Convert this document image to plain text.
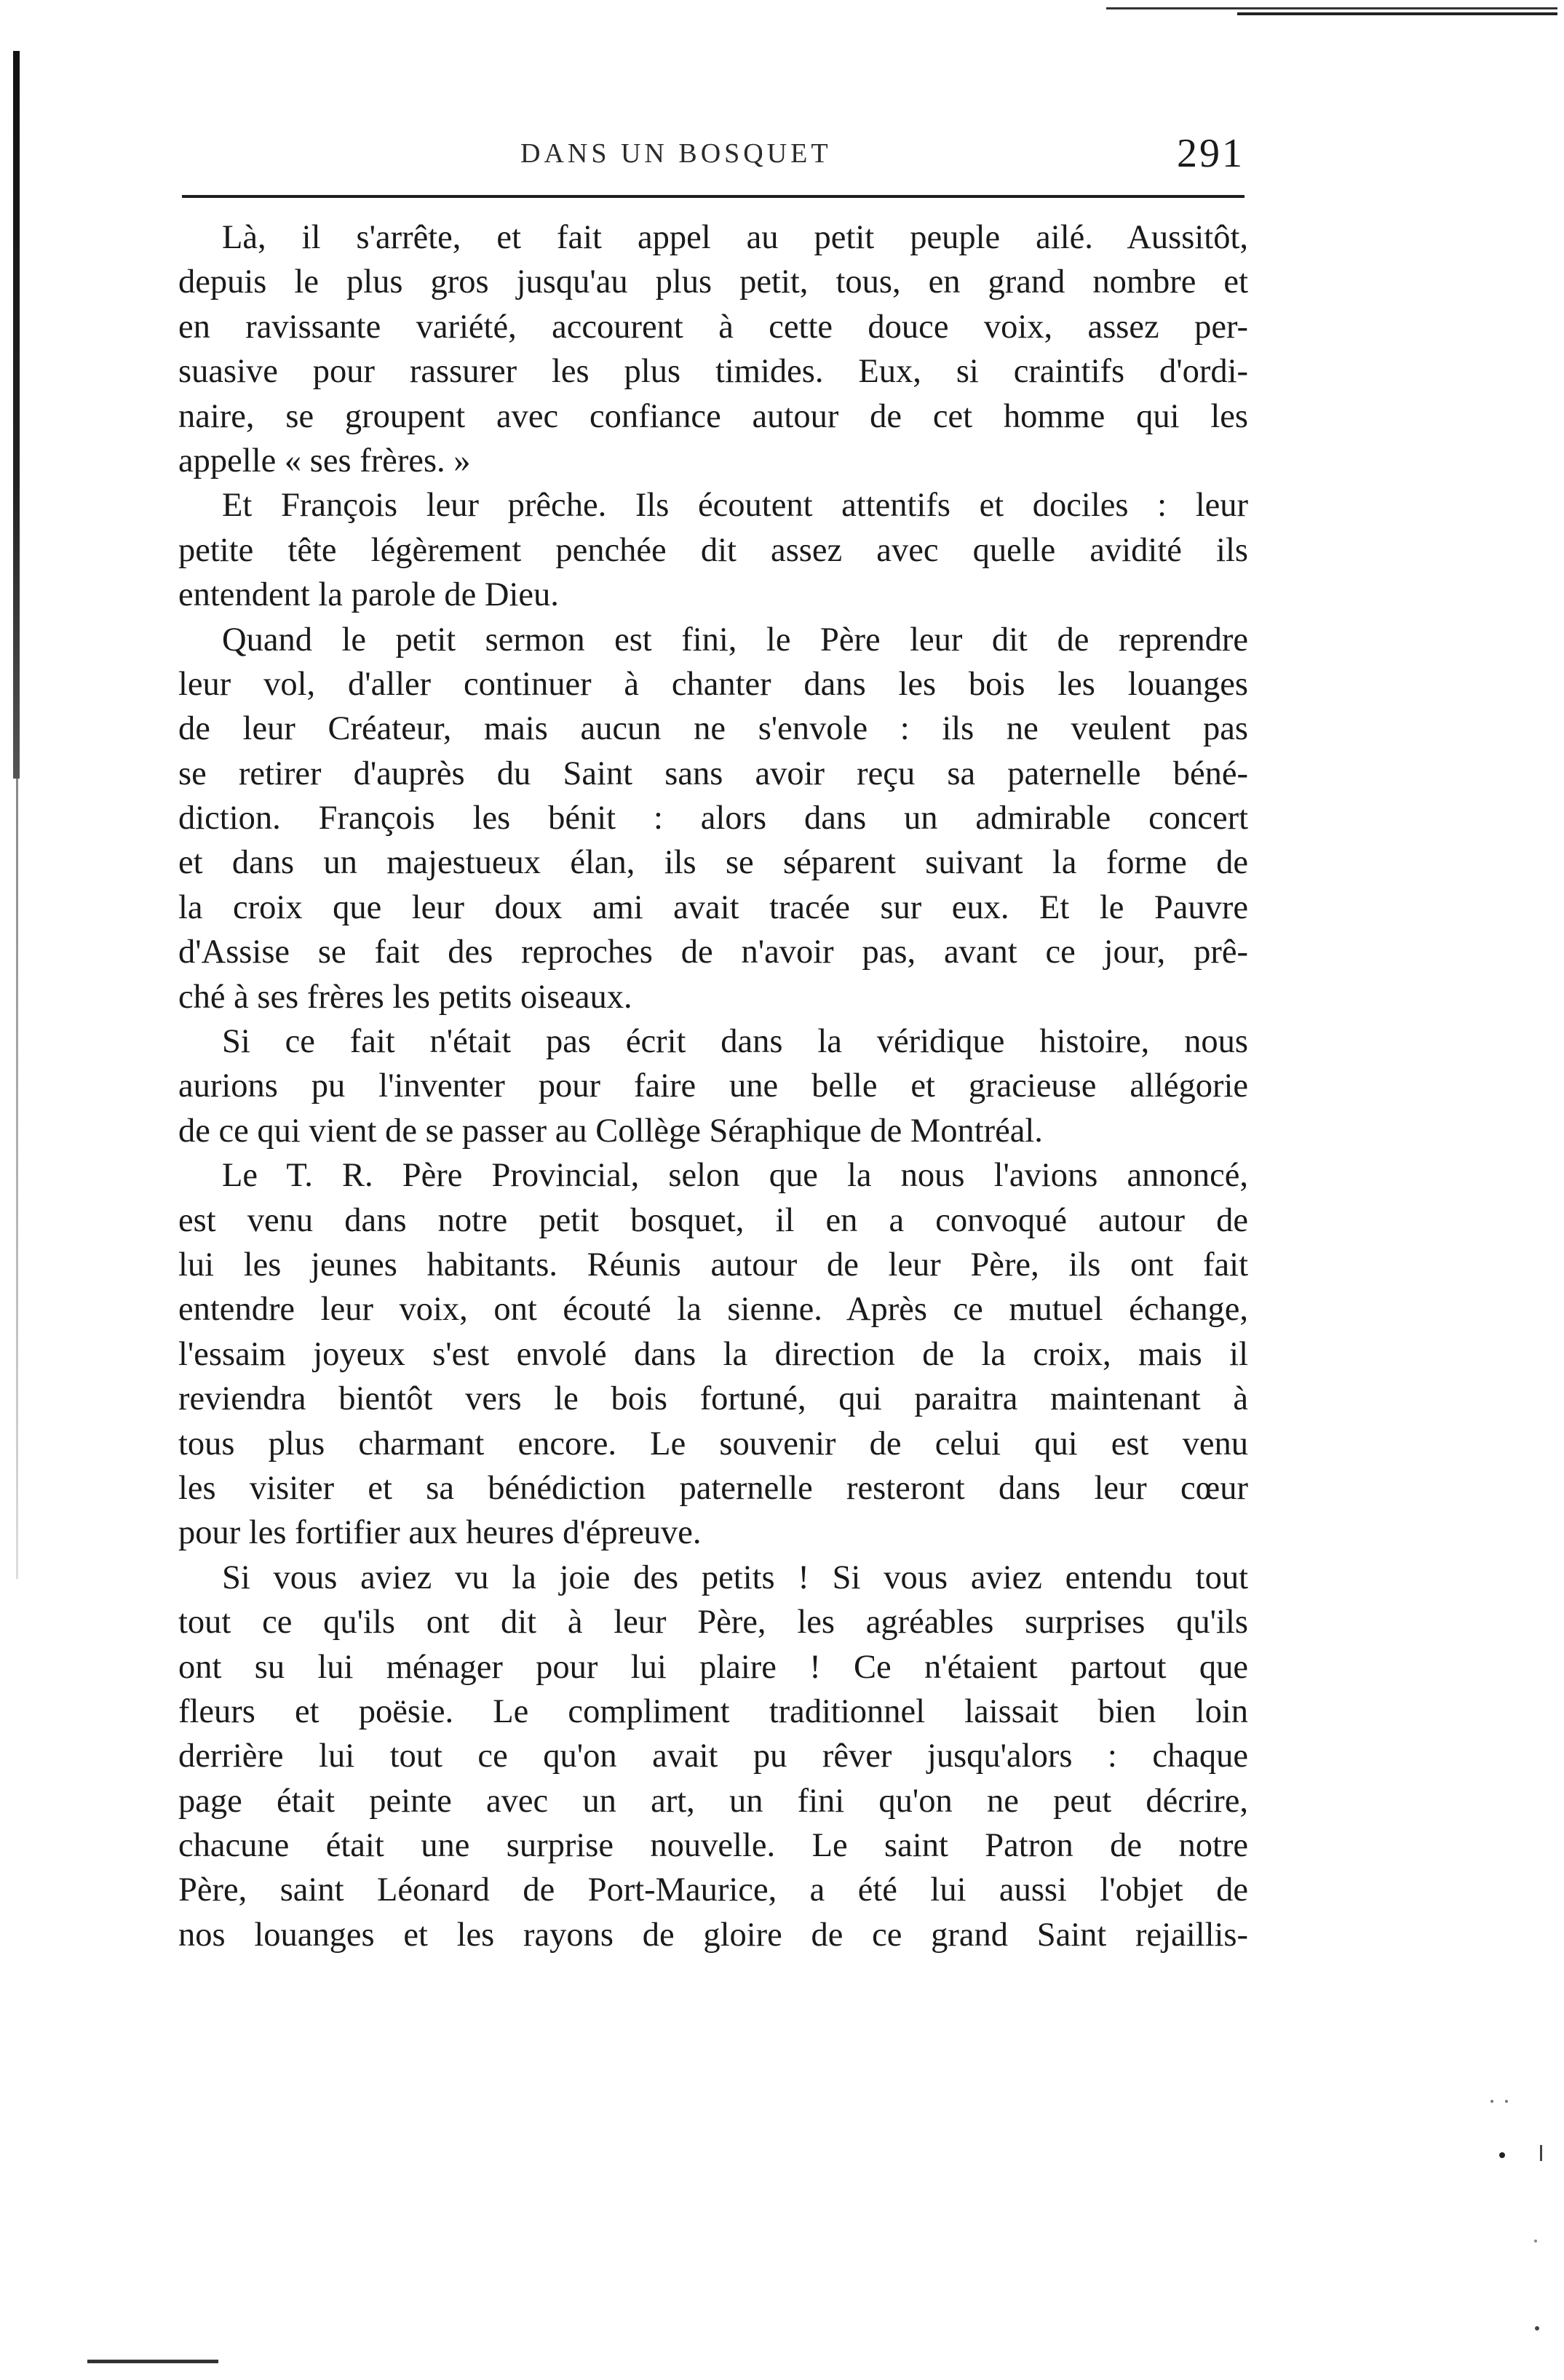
DANS UN BOSQUET	291
Là, il s'arrête, et fait appel au petit peuple ailé. Aussitôt,
depuis le plus gros jusqu'au plus petit, tous, en grand nombre et
en ravissante variété, accourent à cette douce voix, assez per-
suasive pour rassurer les plus timides. Eux, si craintifs d'ordi-
naire, se groupent avec confiance autour de cet homme qui les
appelle « ses frères. »
Et François leur prêche. Ils écoutent attentifs et dociles : leur
petite tête légèrement penchée dit assez avec quelle avidité ils
entendent la parole de Dieu.
Quand le petit sermon est fini, le Père leur dit de reprendre
leur vol, d'aller continuer à chanter dans les bois les louanges
de leur Créateur, mais aucun ne s'envole : ils ne veulent pas
se retirer d'auprès du Saint sans avoir reçu sa paternelle béné-
diction. François les bénit : alors dans un admirable concert
et dans un majestueux élan, ils se séparent suivant la forme de
la croix que leur doux ami avait tracée sur eux. Et le Pauvre
d'Assise se fait des reproches de n'avoir pas, avant ce jour, prê-
ché à ses frères les petits oiseaux.
Si ce fait n'était pas écrit dans la véridique histoire, nous
aurions pu l'inventer pour faire une belle et gracieuse allégorie
de ce qui vient de se passer au Collège Séraphique de Montréal.
Le T. R. Père Provincial, selon que la nous l'avions annoncé,
est venu dans notre petit bosquet, il en a convoqué autour de
lui les jeunes habitants. Réunis autour de leur Père, ils ont fait
entendre leur voix, ont écouté la sienne. Après ce mutuel échange,
l'essaim joyeux s'est envolé dans la direction de la croix, mais il
reviendra bientôt vers le bois fortuné, qui paraitra maintenant à
tous plus charmant encore. Le souvenir de celui qui est venu
les visiter et sa bénédiction paternelle resteront dans leur cœur
pour les fortifier aux heures d'épreuve.
Si vous aviez vu la joie des petits ! Si vous aviez entendu tout
tout ce qu'ils ont dit à leur Père, les agréables surprises qu'ils
ont su lui ménager pour lui plaire ! Ce n'étaient partout que
fleurs et poësie. Le compliment traditionnel laissait bien loin
derrière lui tout ce qu'on avait pu rêver jusqu'alors : chaque
page était peinte avec un art, un fini qu'on ne peut décrire,
chacune était une surprise nouvelle. Le saint Patron de notre
Père, saint Léonard de Port-Maurice, a été lui aussi l'objet de
nos louanges et les rayons de gloire de ce grand Saint rejaillis-
